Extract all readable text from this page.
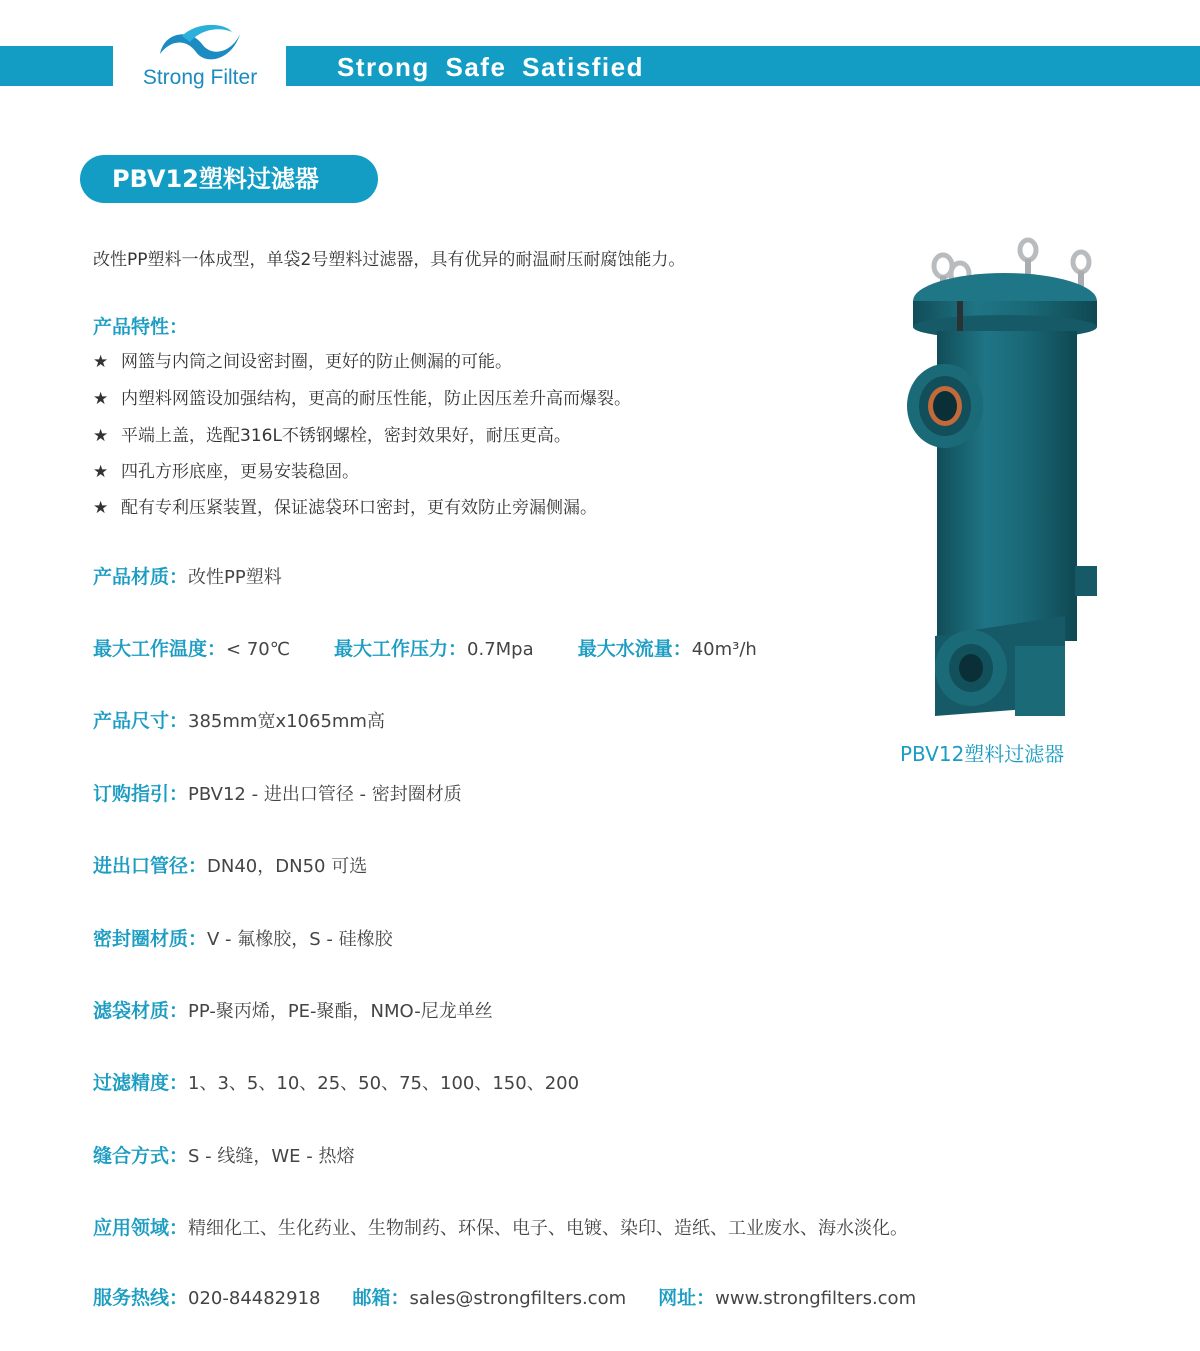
Strong Filter	Strong Safe Satisfied
PBV12塑料过滤器
改性PP塑料一体成型，单袋2号塑料过滤器，具有优异的耐温耐压耐腐蚀能力。
产品特性：
★ 网篮与内筒之间设密封圈，更好的防止侧漏的可能。
★ 内塑料网篮设加强结构，更高的耐压性能，防止因压差升高而爆裂。
★ 平端上盖，选配316L不锈钢螺栓，密封效果好，耐压更高。
★ 四孔方形底座，更易安装稳固。
★ 配有专利压紧装置，保证滤袋环口密封，更有效防止旁漏侧漏。
产品材质：改性PP塑料
最大工作温度：< 70℃ 最大工作压力：0.7Mpa 最大水流量：40m³/h
产品尺寸：385mm宽x1065mm高
订购指引：PBV12 - 进出口管径 - 密封圈材质
进出口管径：DN40，DN50 可选
密封圈材质：V - 氟橡胶，S - 硅橡胶
滤袋材质：PP-聚丙烯，PE-聚酯，NMO-尼龙单丝
过滤精度：1、3、5、10、25、50、75、100、150、200
缝合方式：S - 线缝，WE - 热熔
应用领域：精细化工、生化药业、生物制药、环保、电子、电镀、染印、造纸、工业废水、海水淡化。
服务热线：020-84482918 邮箱：sales@strongfilters.com 网址：www.strongfilters.com
PBV12塑料过滤器
